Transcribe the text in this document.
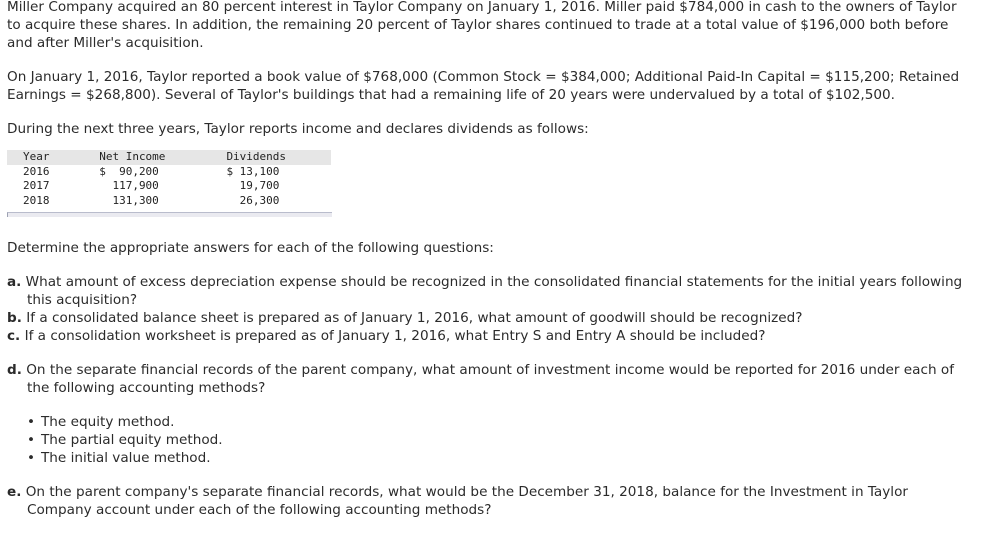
Miller Company acquired an 80 percent interest in Taylor Company on January 1, 2016. Miller paid $784,000 in cash to the owners of Taylor to acquire these shares. In addition, the remaining 20 percent of Taylor shares continued to trade at a total value of $196,000 both before and after Miller's acquisition.

On January 1, 2016, Taylor reported a book value of $768,000 (Common Stock = $384,000; Additional Paid-In Capital = $115,200; Retained Earnings = $268,800). Several of Taylor's buildings that had a remaining life of 20 years were undervalued by a total of $102,500.

During the next three years, Taylor reports income and declares dividends as follows:

Year	Net Income	Dividends
2016	$  90,200	$ 13,100
2017	117,900	19,700
2018	131,300	26,300

Determine the appropriate answers for each of the following questions:

a. What amount of excess depreciation expense should be recognized in the consolidated financial statements for the initial years following this acquisition?
b. If a consolidated balance sheet is prepared as of January 1, 2016, what amount of goodwill should be recognized?
c. If a consolidation worksheet is prepared as of January 1, 2016, what Entry S and Entry A should be included?
d. On the separate financial records of the parent company, what amount of investment income would be reported for 2016 under each of the following accounting methods?
• The equity method.
• The partial equity method.
• The initial value method.
e. On the parent company's separate financial records, what would be the December 31, 2018, balance for the Investment in Taylor Company account under each of the following accounting methods?
